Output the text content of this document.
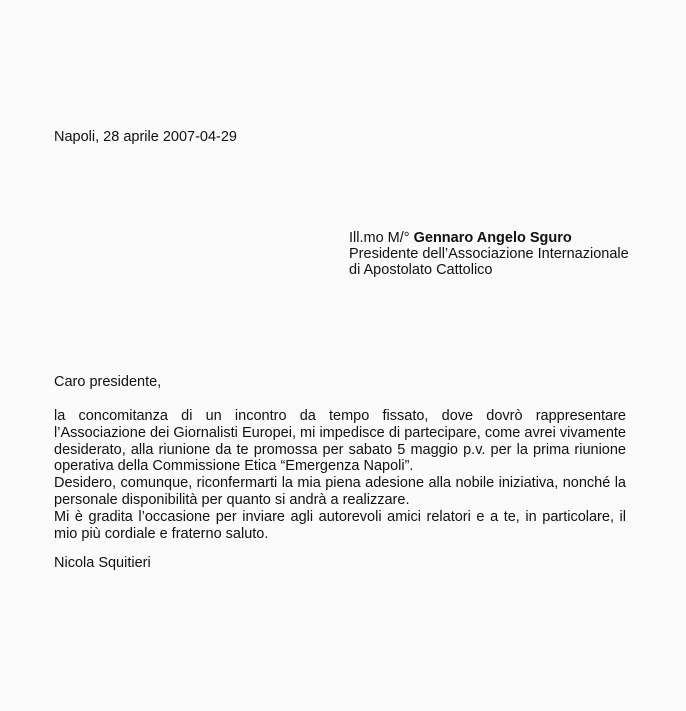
Napoli, 28 aprile 2007-04-29
Ill.mo M/° Gennaro Angelo Sguro
Presidente dell’Associazione Internazionale
di Apostolato Cattolico
Caro presidente,

la concomitanza di un incontro da tempo fissato, dove dovrò rappresentare l’Associazione dei Giornalisti Europei, mi impedisce di partecipare, come avrei vivamente desiderato, alla riunione da te promossa per sabato 5 maggio p.v. per la prima riunione operativa della Commissione Etica “Emergenza Napoli”.

Desidero, comunque, riconfermarti la mia piena adesione alla nobile iniziativa, nonché la personale disponibilità per quanto si andrà a realizzare.

Mi è gradita l’occasione per inviare agli autorevoli amici relatori e a te, in particolare, il mio più cordiale e fraterno saluto.

Nicola Squitieri
